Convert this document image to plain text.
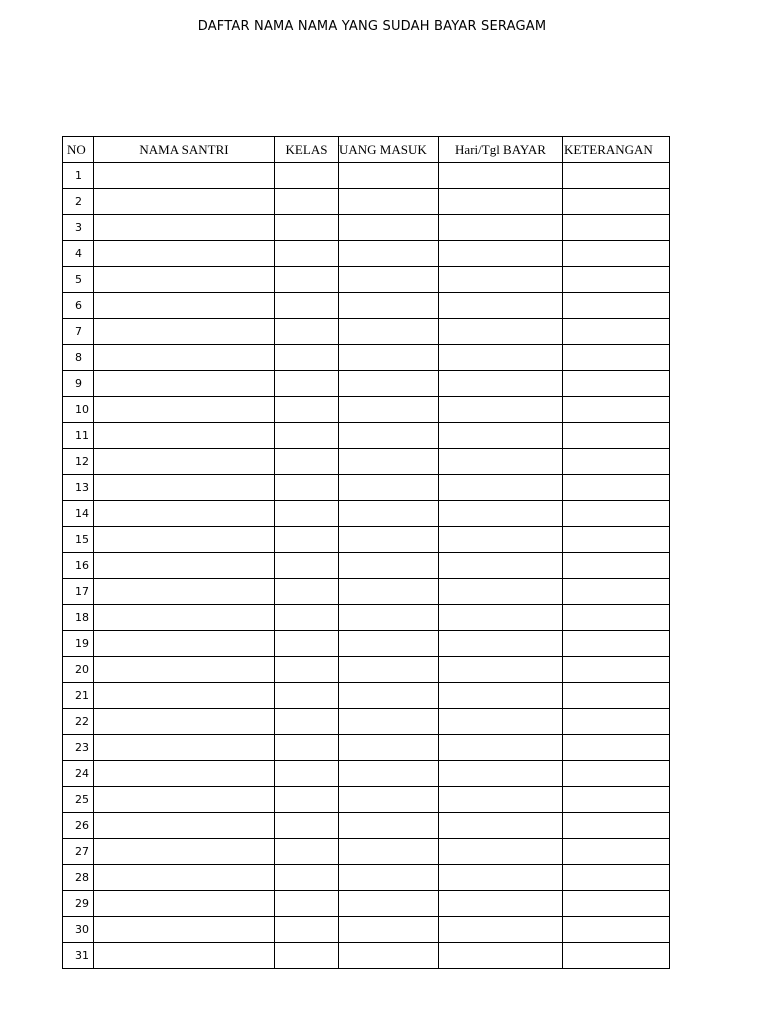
DAFTAR NAMA NAMA YANG SUDAH BAYAR SERAGAM
NO	NAMA SANTRI	KELAS	UANG MASUK	Hari/Tgl BAYAR	KETERANGAN
1					
2					
3					
4					
5					
6					
7					
8					
9					
10					
11					
12					
13					
14					
15					
16					
17					
18					
19					
20					
21					
22					
23					
24					
25					
26					
27					
28					
29					
30					
31					
